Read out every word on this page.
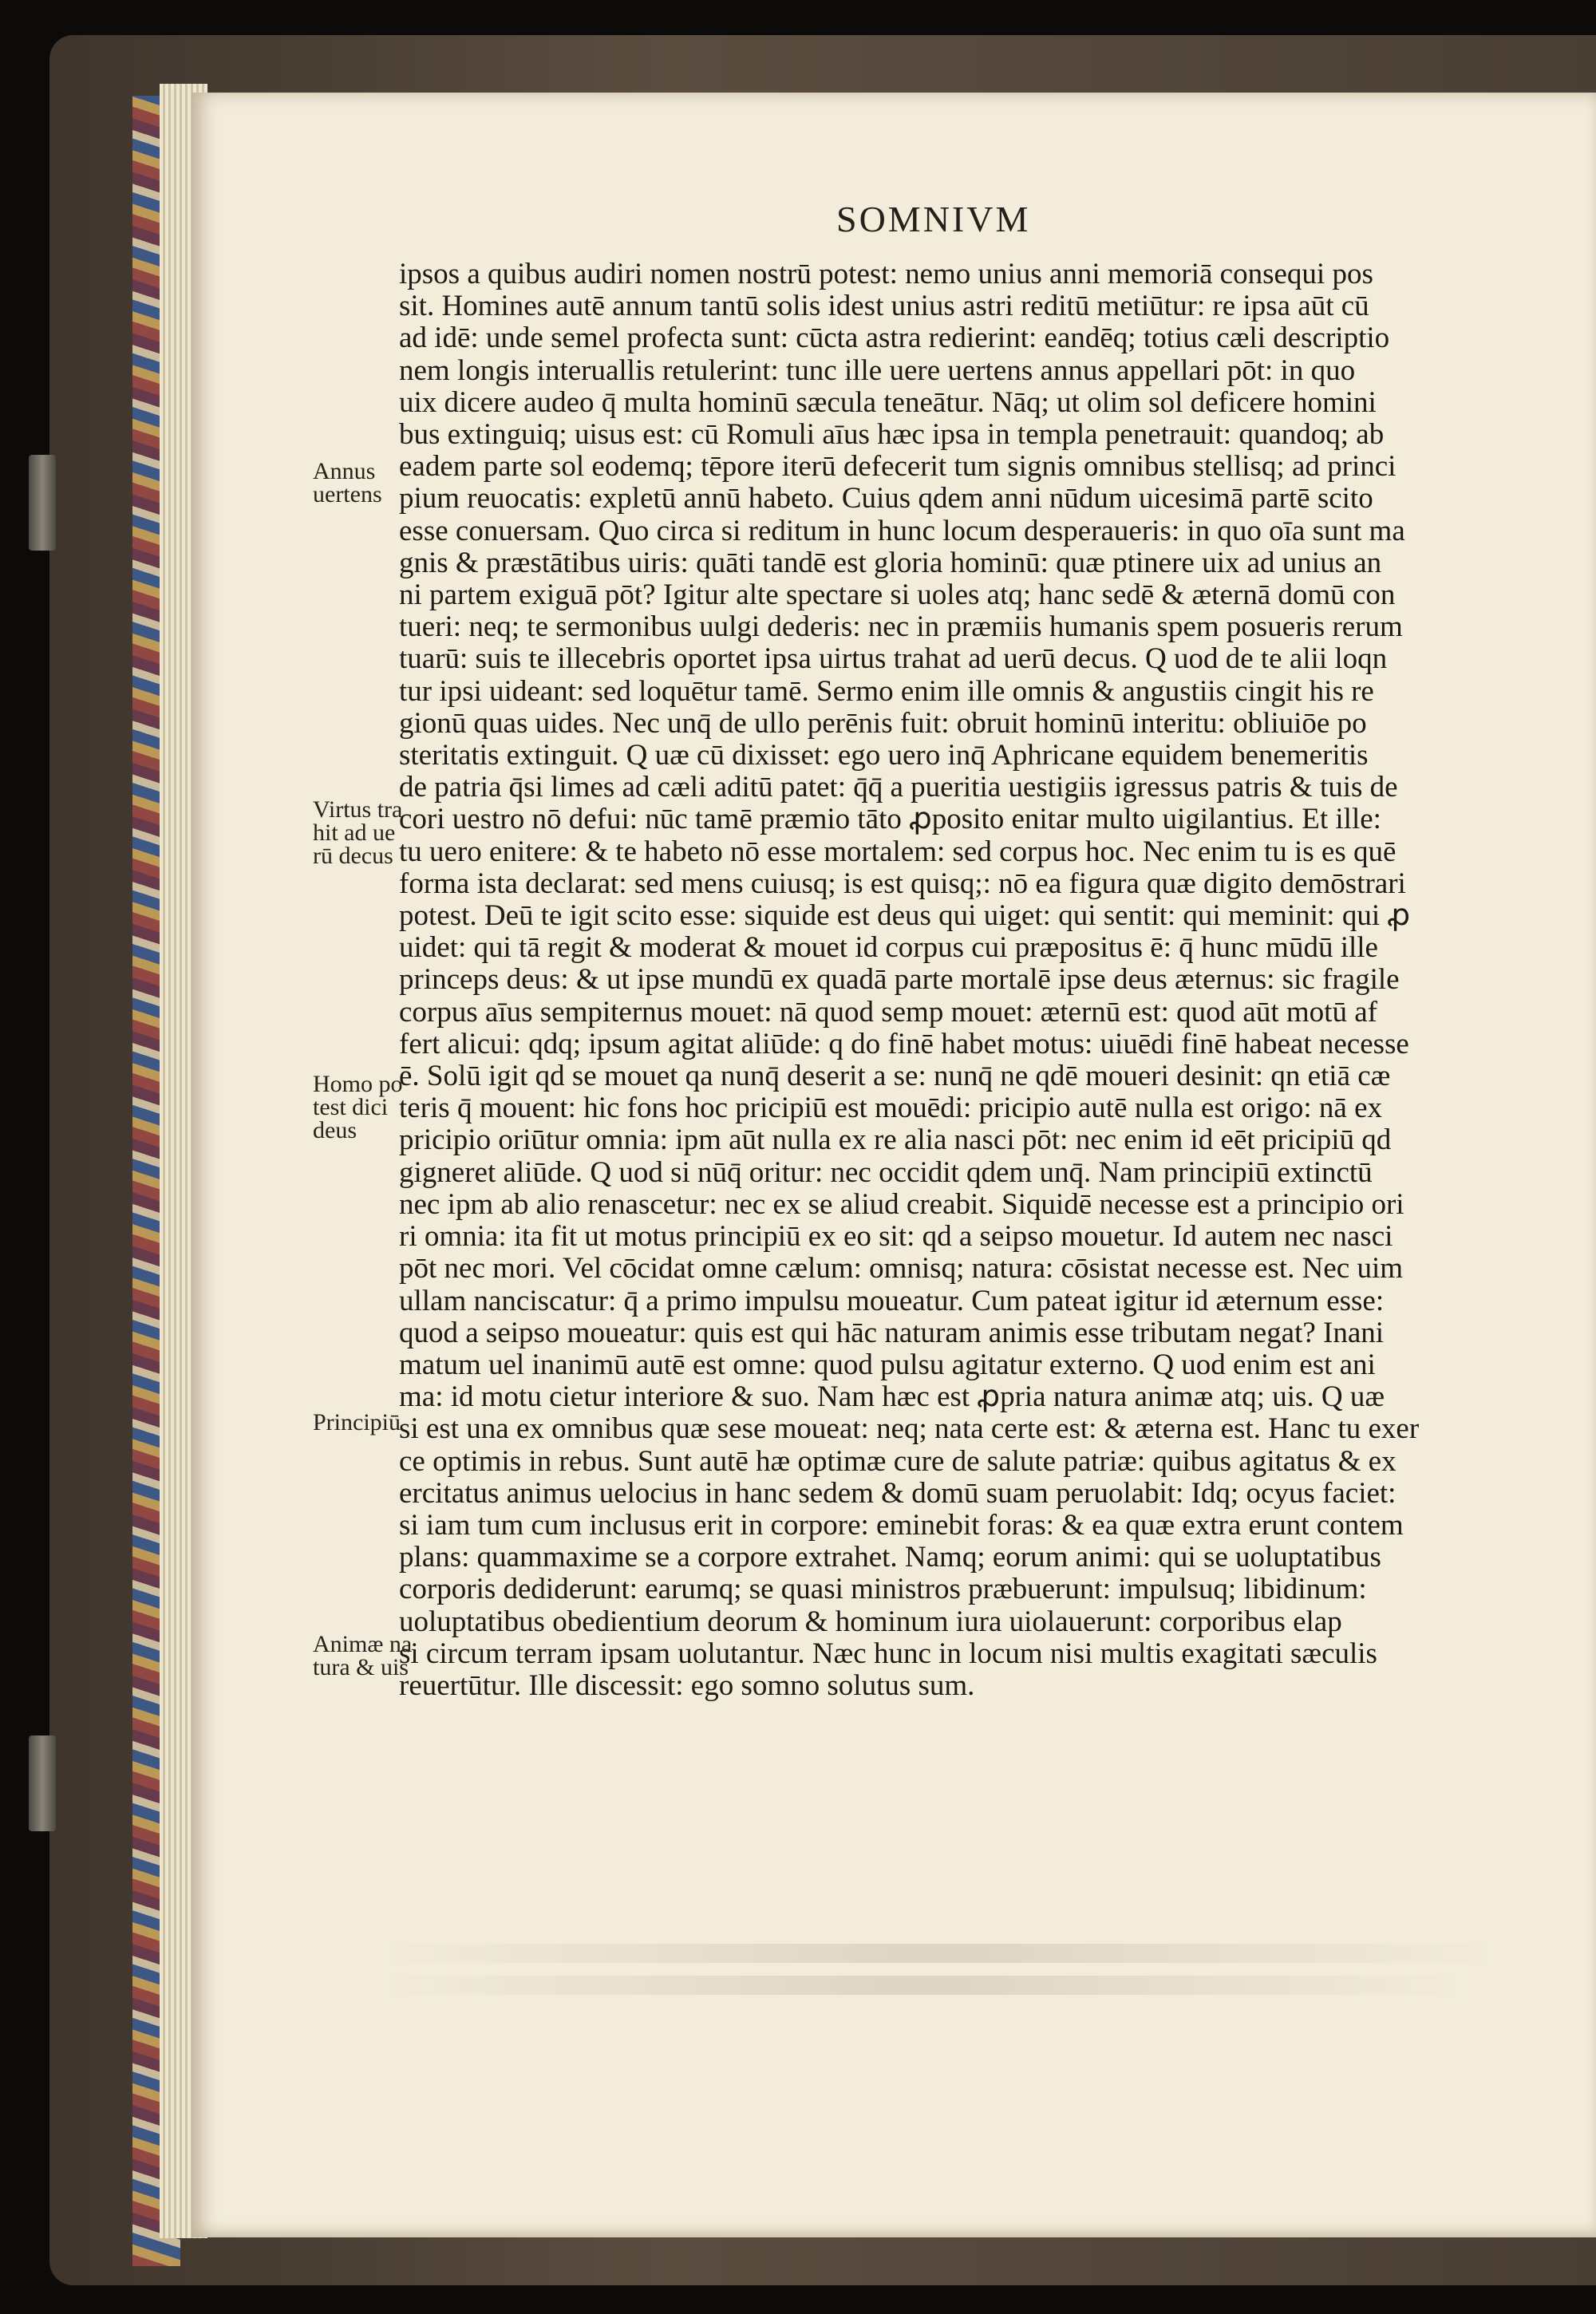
SOMNIVM
ipsos a quibus audiri nomen nostrū potest: nemo unius anni memoriā consequi pos
sit. Homines autē annum tantū solis idest unius astri reditū metiūtur: re ipsa aūt cū
ad idē: unde semel profecta sunt: cūcta astra redierint: eandēq; totius cæli descriptio
nem longis interuallis retulerint: tunc ille uere uertens annus appellari pōt: in quo
uix dicere audeo q̄ multa hominū sæcula teneātur. Nāq; ut olim sol deficere homini
bus extinguiq; uisus est: cū Romuli aīus hæc ipsa in templa penetrauit: quandoq; ab
eadem parte sol eodemq; tēpore iterū defecerit tum signis omnibus stellisq; ad princi
pium reuocatis: expletū annū habeto. Cuius qdem anni nūdum uicesimā partē scito
esse conuersam. Quo circa si reditum in hunc locum desperaueris: in quo oīa sunt ma
gnis & præstātibus uiris: quāti tandē est gloria hominū: quæ ptinere uix ad unius an
ni partem exiguā pōt? Igitur alte spectare si uoles atq; hanc sedē & æternā domū con
tueri: neq; te sermonibus uulgi dederis: nec in præmiis humanis spem posueris rerum
tuarū: suis te illecebris oportet ipsa uirtus trahat ad uerū decus. Q uod de te alii loqn
tur ipsi uideant: sed loquētur tamē. Sermo enim ille omnis & angustiis cingit his re
gionū quas uides. Nec unq̄ de ullo perēnis fuit: obruit hominū interitu: obliuiōe po
steritatis extinguit. Q uæ cū dixisset: ego uero inq̄ Aphricane equidem benemeritis
de patria q̄si limes ad cæli aditū patet: q̄q̄ a pueritia uestigiis igressus patris & tuis de
cori uestro nō defui: nūc tamē præmio tāto ꝓposito enitar multo uigilantius. Et ille:
tu uero enitere: & te habeto nō esse mortalem: sed corpus hoc. Nec enim tu is es quē
forma ista declarat: sed mens cuiusq; is est quisq;: nō ea figura quæ digito demōstrari
potest. Deū te igit scito esse: siquide est deus qui uiget: qui sentit: qui meminit: qui ꝓ
uidet: qui tā regit & moderat & mouet id corpus cui præpositus ē: q̄ hunc mūdū ille
princeps deus: & ut ipse mundū ex quadā parte mortalē ipse deus æternus: sic fragile
corpus aīus sempiternus mouet: nā quod semp mouet: æternū est: quod aūt motū af
fert alicui: qdq; ipsum agitat aliūde: q do finē habet motus: uiuēdi finē habeat necesse
ē. Solū igit qd se mouet qa nunq̄ deserit a se: nunq̄ ne qdē moueri desinit: qn etiā cæ
teris q̄ mouent: hic fons hoc pricipiū est mouēdi: pricipio autē nulla est origo: nā ex
pricipio oriūtur omnia: ipm aūt nulla ex re alia nasci pōt: nec enim id eēt pricipiū qd
gigneret aliūde. Q uod si nūq̄ oritur: nec occidit qdem unq̄. Nam principiū extinctū
nec ipm ab alio renascetur: nec ex se aliud creabit. Siquidē necesse est a principio ori
ri omnia: ita fit ut motus principiū ex eo sit: qd a seipso mouetur. Id autem nec nasci
pōt nec mori. Vel cōcidat omne cælum: omnisq; natura: cōsistat necesse est. Nec uim
ullam nanciscatur: q̄ a primo impulsu moueatur. Cum pateat igitur id æternum esse:
quod a seipso moueatur: quis est qui hāc naturam animis esse tributam negat? Inani
matum uel inanimū autē est omne: quod pulsu agitatur externo. Q uod enim est ani
ma: id motu cietur interiore & suo. Nam hæc est ꝓpria natura animæ atq; uis. Q uæ
si est una ex omnibus quæ sese moueat: neq; nata certe est: & æterna est. Hanc tu exer
ce optimis in rebus. Sunt autē hæ optimæ cure de salute patriæ: quibus agitatus & ex
ercitatus animus uelocius in hanc sedem & domū suam peruolabit: Idq; ocyus faciet:
si iam tum cum inclusus erit in corpore: eminebit foras: & ea quæ extra erunt contem
plans: quammaxime se a corpore extrahet. Namq; eorum animi: qui se uoluptatibus
corporis dediderunt: earumq; se quasi ministros præbuerunt: impulsuq; libidinum:
uoluptatibus obedientium deorum & hominum iura uiolauerunt: corporibus elap
si circum terram ipsam uolutantur. Næc hunc in locum nisi multis exagitati sæculis
reuertūtur. Ille discessit: ego somno solutus sum.
Annus
uertens
Virtus tra
hit ad ue
rū decus
Homo po
test dici
deus
Principiū
Animæ na
tura & uis
